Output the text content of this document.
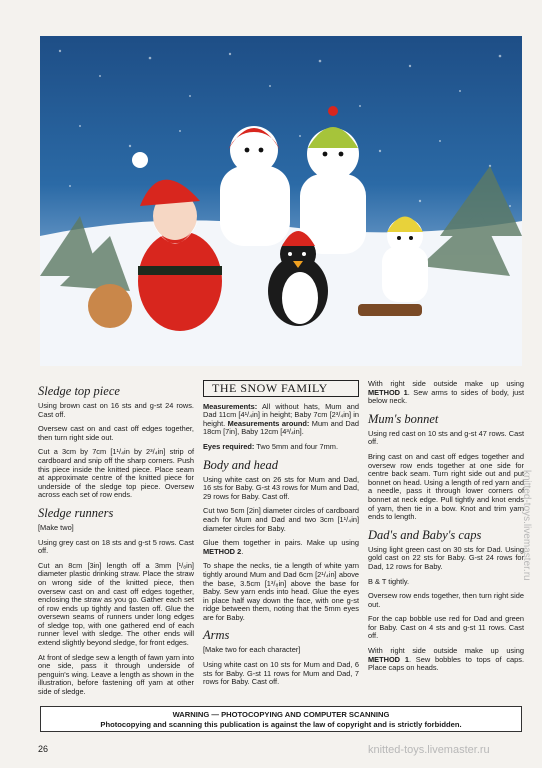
Sledge top piece

Using brown cast on 16 sts and g-st 24 rows. Cast off.

Oversew cast on and cast off edges together, then turn right side out.

Cut a 3cm by 7cm [1¹/₄in by 2³/₄in] strip of cardboard and snip off the sharp corners. Push this piece inside the knitted piece. Place seam at approximate centre of the knitted piece for underside of the sledge top piece. Oversew across each set of row ends.

Sledge runners

[Make two]

Using grey cast on 18 sts and g-st 5 rows. Cast off.

Cut an 8cm [3in] length off a 3mm [¹/₈in] diameter plastic drinking straw. Place the straw on wrong side of the knitted piece, then oversew cast on and cast off edges together, enclosing the straw as you go. Gather each set of row ends up tightly and fasten off. Glue the oversewn seams of runners under long edges of sledge top, with one gathered end of each runner level with sledge. The other ends will extend slightly beyond sledge, for front edges.

At front of sledge sew a length of fawn yarn into one side, pass it through underside of penguin's wing. Leave a length as shown in the illustration, before fastening off yarn at other side of sledge.

THE SNOW FAMILY

Measurements: All without hats, Mum and Dad 11cm [4¹/₄in] in height; Baby 7cm [2³/₄in] in height. Measurements around: Mum and Dad 18cm [7in], Baby 12cm [4³/₄in].

Eyes required: Two 5mm and four 7mm.

Body and head

Using white cast on 26 sts for Mum and Dad, 16 sts for Baby. G-st 43 rows for Mum and Dad, 29 rows for Baby. Cast off.

Cut two 5cm [2in] diameter circles of cardboard each for Mum and Dad and two 3cm [1¹/₄in] diameter circles for Baby.

Glue them together in pairs. Make up using METHOD 2.

To shape the necks, tie a length of white yarn tightly around Mum and Dad 6cm [2¹/₄in] above the base, 3.5cm [1³/₈in] above the base for Baby. Sew yarn ends into head. Glue the eyes in place half way down the face, with one g-st ridge between them, noting that the 5mm eyes are for Baby.

Arms

[Make two for each character]

Using white cast on 10 sts for Mum and Dad, 6 sts for Baby. G-st 11 rows for Mum and Dad, 7 rows for Baby. Cast off.

With right side outside make up using METHOD 1. Sew arms to sides of body, just below neck.

Mum's bonnet

Using red cast on 10 sts and g-st 47 rows. Cast off.

Bring cast on and cast off edges together and oversew row ends together at one side for centre back seam. Turn right side out and put bonnet on head. Using a length of red yarn and a needle, pass it through lower corners of bonnet at neck edge. Pull tightly and knot ends of yarn, then tie in a bow. Knot and trim yarn ends to length.

Dad's and Baby's caps

Using light green cast on 30 sts for Dad. Using gold cast on 22 sts for Baby. G-st 24 rows for Dad, 12 rows for Baby.

B & T tightly.

Oversew row ends together, then turn right side out.

For the cap bobble use red for Dad and green for Baby. Cast on 4 sts and g-st 11 rows. Cast off.

With right side outside make up using METHOD 1. Sew bobbles to tops of caps. Place caps on heads.

WARNING — PHOTOCOPYING AND COMPUTER SCANNING
Photocopying and scanning this publication is against the law of copyright and is strictly forbidden.
26	knitted-toys.livemaster.ru
knitted-toys.livemaster.ru
